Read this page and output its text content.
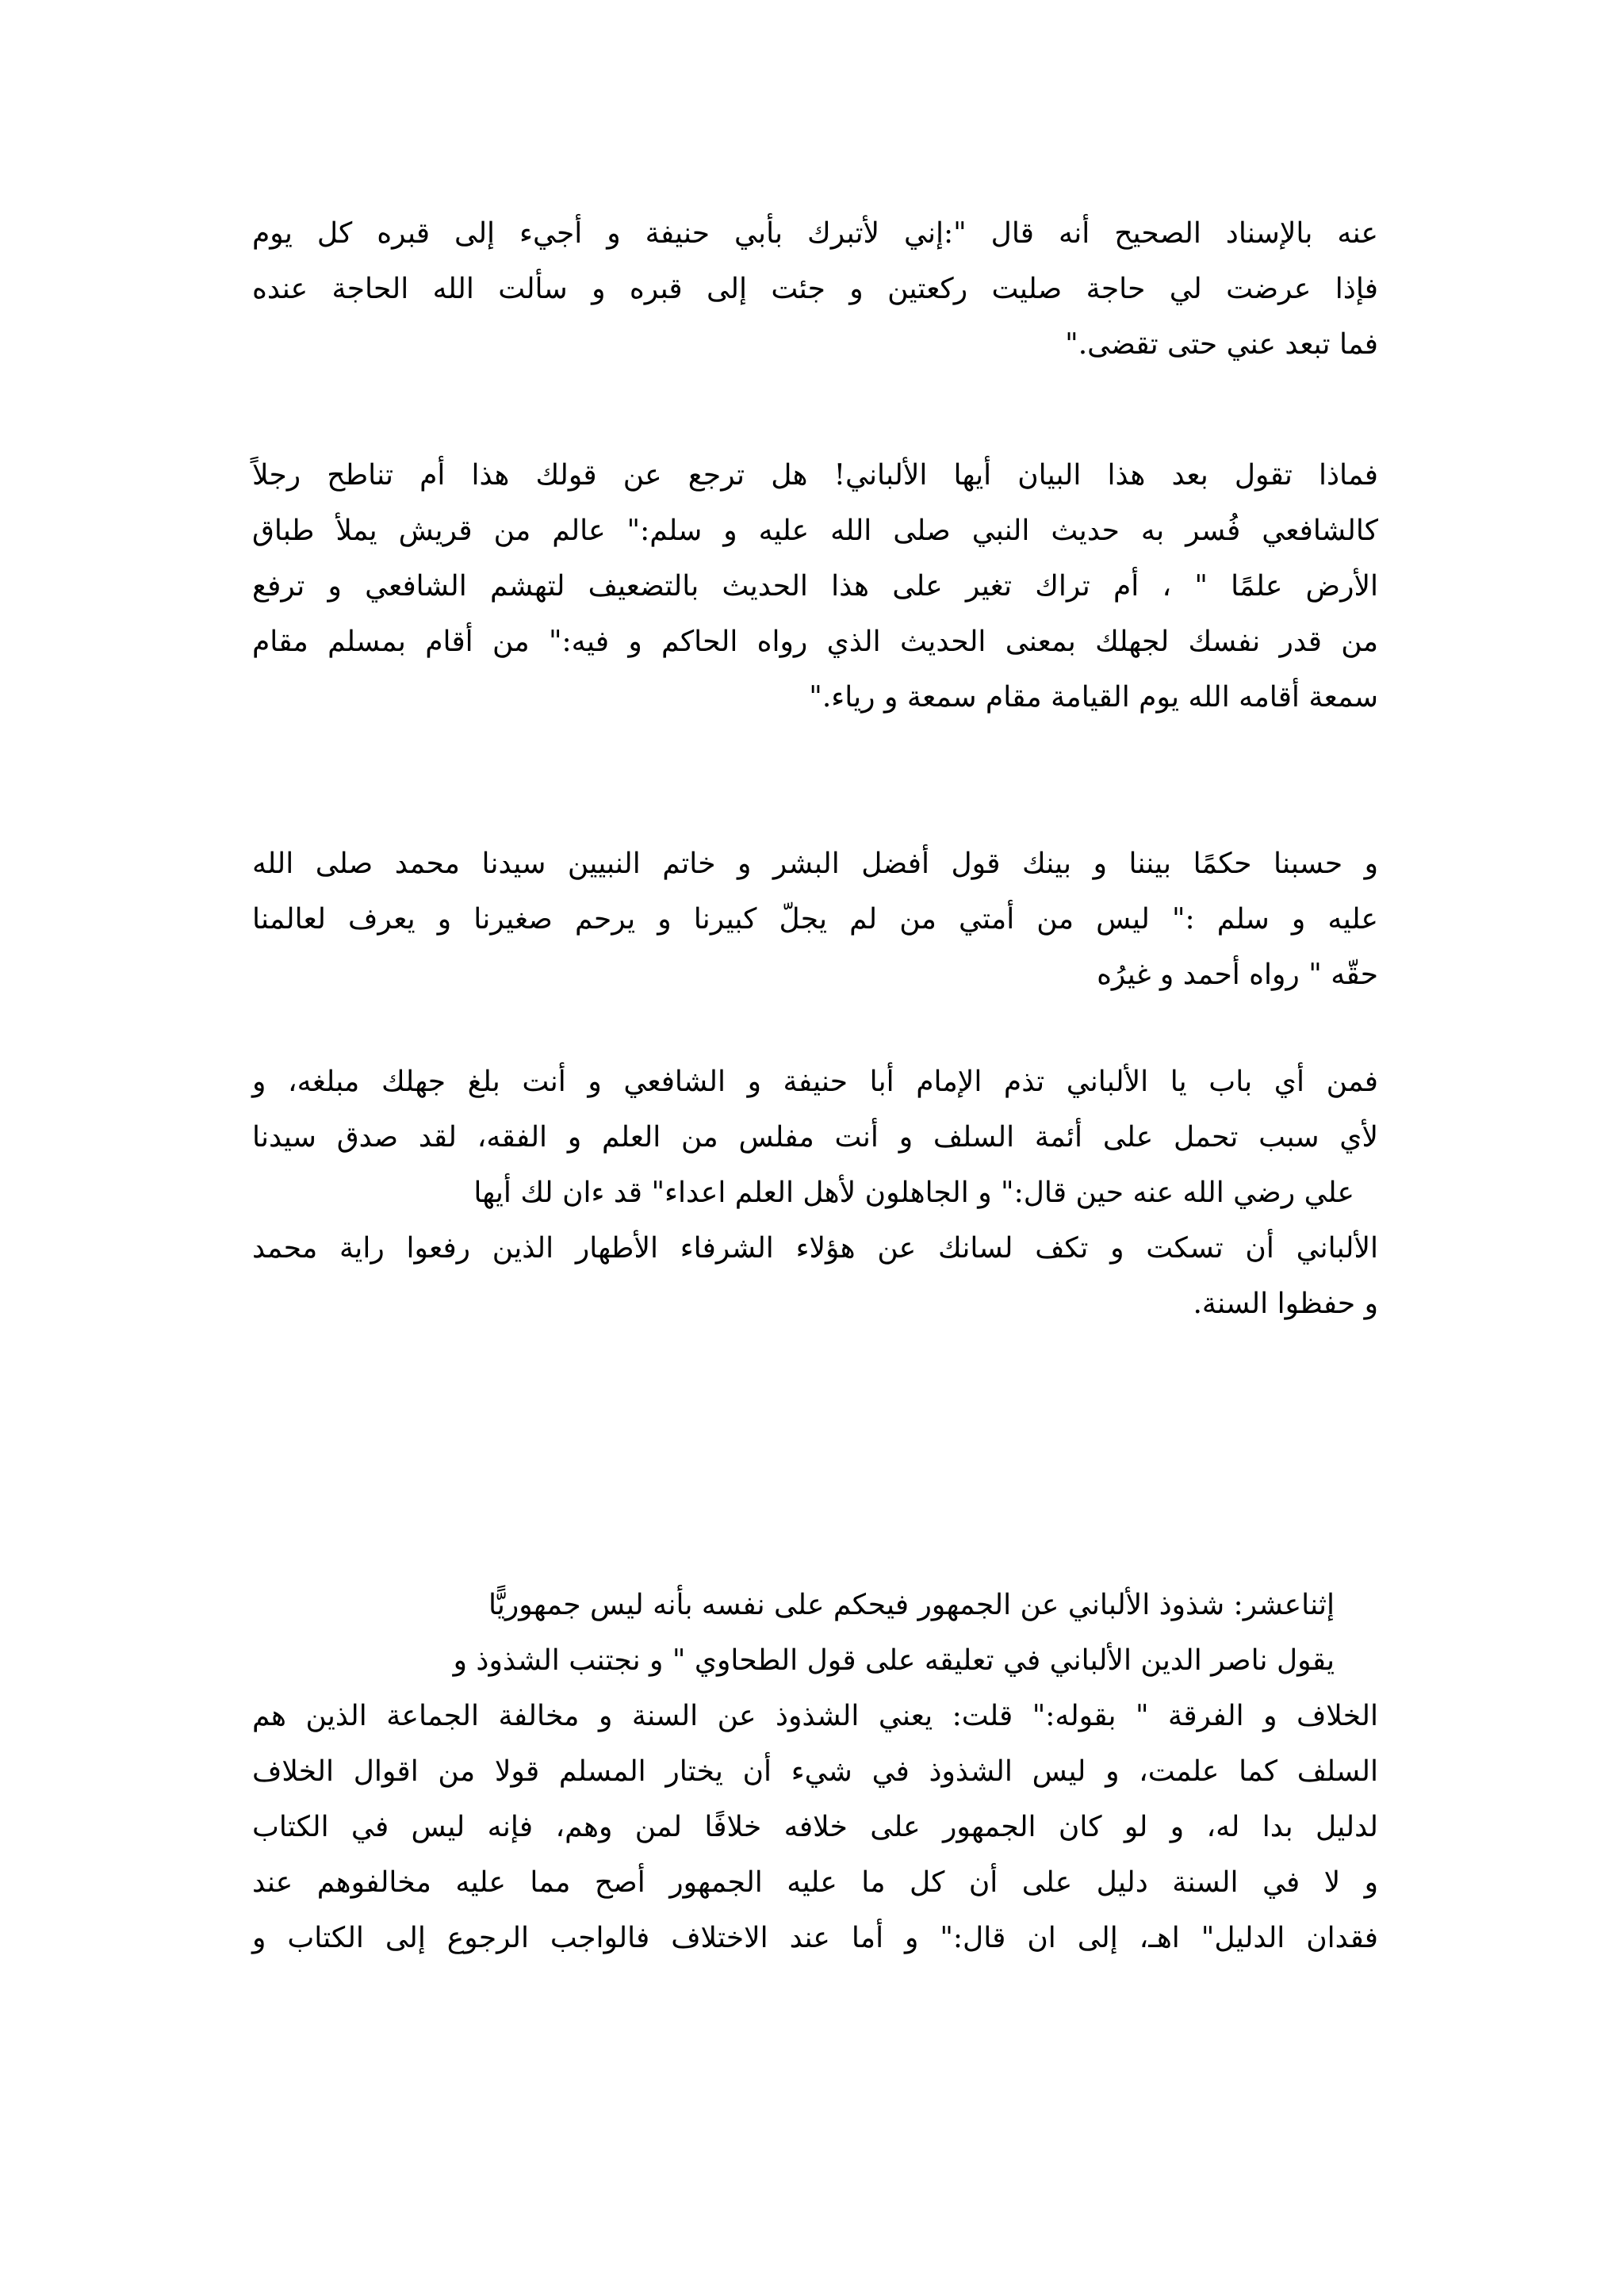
عنه بالإسناد الصحيح أنه قال ":إني لأتبرك بأبي حنيفة و أجيء إلى قبره كل يوم
فإذا عرضت لي حاجة صليت ركعتين و جئت إلى قبره و سألت الله الحاجة عنده
فما تبعد عني حتى تقضى."
فماذا تقول بعد هذا البيان أيها الألباني! هل ترجع عن قولك هذا أم تناطح رجلاً
كالشافعي فُسر به حديث النبي صلى الله عليه و سلم:" عالم من قريش يملأ طباق
الأرض علمًا " ، أم تراك تغير على هذا الحديث بالتضعيف لتهشم الشافعي و ترفع
من قدر نفسك لجهلك بمعنى الحديث الذي رواه الحاكم و فيه:" من أقام بمسلم مقام
سمعة أقامه الله يوم القيامة مقام سمعة و رياء."
و حسبنا حكمًا بيننا و بينك قول أفضل البشر و خاتم النبيين سيدنا محمد صلى الله
عليه و سلم :" ليس من أمتي من لم يجلّ كبيرنا و يرحم صغيرنا و يعرف لعالمنا
حقّه " رواه أحمد و غيرُه
فمن أي باب يا الألباني تذم الإمام أبا حنيفة و الشافعي و أنت بلغ جهلك مبلغه، و
لأي سبب تحمل على أئمة السلف و أنت مفلس من العلم و الفقه، لقد صدق سيدنا
علي رضي الله عنه حين قال:" و الجاهلون لأهل العلم اعداء" قد ءان لك أيها
الألباني أن تسكت و تكف لسانك عن هؤلاء الشرفاء الأطهار الذين رفعوا راية محمد
و حفظوا السنة.
إثناعشر: شذوذ الألباني عن الجمهور فيحكم على نفسه بأنه ليس جمهوريًّا
يقول ناصر الدين الألباني في تعليقه على قول الطحاوي " و نجتنب الشذوذ و
الخلاف و الفرقة " بقوله:" قلت: يعني الشذوذ عن السنة و مخالفة الجماعة الذين هم
السلف كما علمت، و ليس الشذوذ في شيء أن يختار المسلم قولا من اقوال الخلاف
لدليل بدا له، و لو كان الجمهور على خلافه خلافًا لمن وهم، فإنه ليس في الكتاب
و لا في السنة دليل على أن كل ما عليه الجمهور أصح مما عليه مخالفوهم عند
فقدان الدليل" اهـ، إلى ان قال:" و أما عند الاختلاف فالواجب الرجوع إلى الكتاب و
